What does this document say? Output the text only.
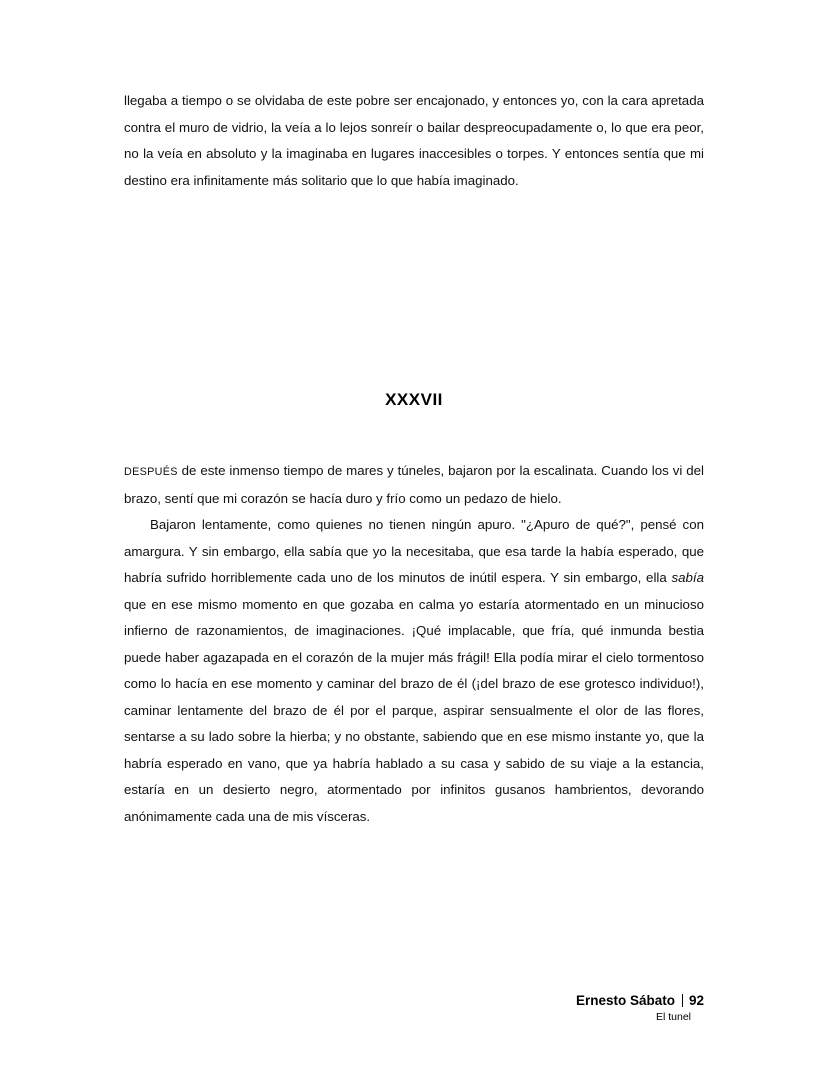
llegaba a tiempo o se olvidaba de este pobre ser encajonado, y entonces yo, con la cara apretada contra el muro de vidrio, la veía a lo lejos sonreír o bailar despreocupadamente o, lo que era peor, no la veía en absoluto y la imaginaba en lugares inaccesibles o torpes. Y entonces sentía que mi destino era infinitamente más solitario que lo que había imaginado.

XXXVII

DESPUÉS de este inmenso tiempo de mares y túneles, bajaron por la escalinata. Cuando los vi del brazo, sentí que mi corazón se hacía duro y frío como un pedazo de hielo.

Bajaron lentamente, como quienes no tienen ningún apuro. "¿Apuro de qué?", pensé con amargura. Y sin embargo, ella sabía que yo la necesitaba, que esa tarde la había esperado, que habría sufrido horriblemente cada uno de los minutos de inútil espera. Y sin embargo, ella sabía que en ese mismo momento en que gozaba en calma yo estaría atormentado en un minucioso infierno de razonamientos, de imaginaciones. ¡Qué implacable, que fría, qué inmunda bestia puede haber agazapada en el corazón de la mujer más frágil! Ella podía mirar el cielo tormentoso como lo hacía en ese momento y caminar del brazo de él (¡del brazo de ese grotesco individuo!), caminar lentamente del brazo de él por el parque, aspirar sensualmente el olor de las flores, sentarse a su lado sobre la hierba; y no obstante, sabiendo que en ese mismo instante yo, que la habría esperado en vano, que ya habría hablado a su casa y sabido de su viaje a la estancia, estaría en un desierto negro, atormentado por infinitos gusanos hambrientos, devorando anónimamente cada una de mis vísceras.

Ernesto Sábato 92
El tunel
